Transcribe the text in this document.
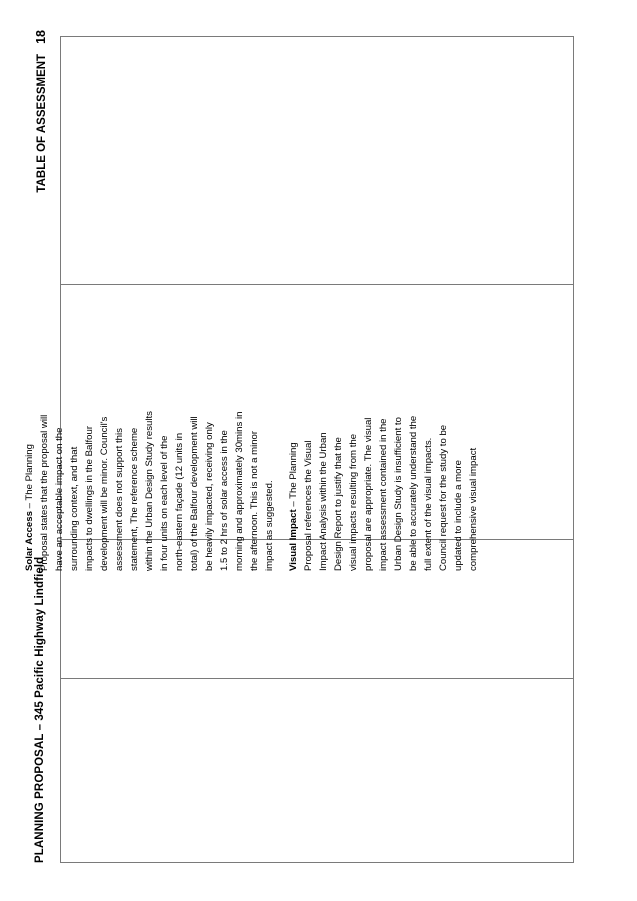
PLANNING PROPOSAL – 345 Pacific Highway Lindfield
TABLE OF ASSESSMENT18

Solar Access – The Planning Proposal states that the proposal will have an acceptable impact on the surrounding context, and that impacts to dwellings in the Balfour development will be minor. Council's assessment does not support this statement, The reference scheme within the Urban Design Study results in four units on each level of the north-eastern façade (12 units in total) of the Balfour development will be heavily impacted, receiving only 1.5 to 2 hrs of solar access in the morning and approximately 30mins in the afternoon. This is not a minor impact as suggested. Visual Impact – The Planning Proposal references the Visual Impact Analysis within the Urban Design Report to justify that the visual impacts resulting from the proposal are appropriate. The visual impact assessment contained in the Urban Design Study is insufficient to be able to accurately understand the full extent of the visual impacts. Council request for the study to be updated to include a more comprehensive visual impact
